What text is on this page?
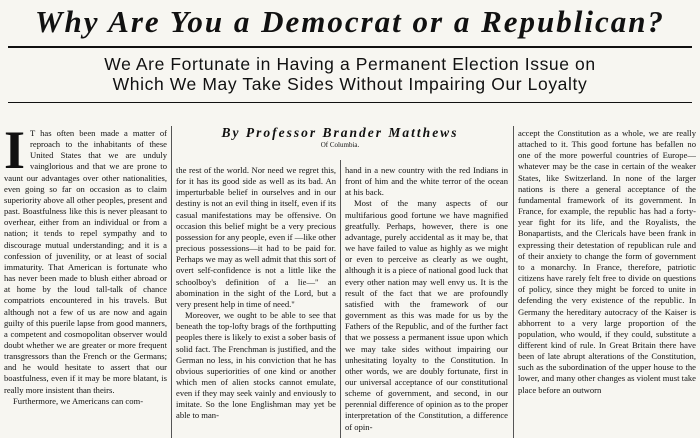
Why Are You a Democrat or a Republican?
We Are Fortunate in Having a Permanent Election Issue on
Which We May Take Sides Without Impairing Our Loyalty
By Professor Brander Matthews
Of Columbia.

I T has often been made a matter of reproach to the inhabitants of these United States that we are unduly vainglorious and that we are prone to vaunt our advantages over other nationalities, even going so far on occasion as to claim superiority above all other peoples, present and past. Boastfulness like this is never pleasant to overhear, either from an individual or from a nation; it tends to repel sympathy and to discourage mutual understanding; and it is a confession of juvenility, or at least of social immaturity. That American is fortunate who has never been made to blush either abroad or at home by the loud tall-talk of chance compatriots encountered in his travels. But although not a few of us are now and again guilty of this puerile lapse from good manners, a competent and cosmopolitan observer would doubt whether we are greater or more frequent transgressors than the French or the Germans; and he would hesitate to assert that our boastfulness, even if it may be more blatant, is really more insistent than theirs.

Furthermore, we Americans can com-

the rest of the world. Nor need we regret this, for it has its good side as well as its bad. An imperturbable belief in ourselves and in our destiny is not an evil thing in itself, even if its casual manifestations may be offensive. On occasion this belief might be a very precious possession for any people, even if —like other precious possessions—it had to be paid for. Perhaps we may as well admit that this sort of overt self-confidence is not a little like the schoolboy's definition of a lie—" an abomination in the sight of the Lord, but a very present help in time of need."

Moreover, we ought to be able to see that beneath the top-lofty brags of the forthputting peoples there is likely to exist a sober basis of solid fact. The Frenchman is justified, and the German no less, in his conviction that he has obvious superiorities of one kind or another which men of alien stocks cannot emulate, even if they may seek vainly and enviously to imitate. So the lone Englishman may yet be able to man-

hand in a new country with the red Indians in front of him and the white terror of the ocean at his back.

Most of the many aspects of our multifarious good fortune we have magnified greatfully. Perhaps, however, there is one advantage, purely accidental as it may be, that we have failed to value as highly as we might or even to perceive as clearly as we ought, although it is a piece of national good luck that every other nation may well envy us. It is the result of the fact that we are profoundly satisfied with the framework of our government as this was made for us by the Fathers of the Republic, and of the further fact that we possess a permanent issue upon which we may take sides without impairing our unhesitating loyalty to the Constitution. In other words, we are doubly fortunate, first in our universal acceptance of our constitutional scheme of government, and second, in our perennial difference of opinion as to the proper interpretation of the Constitution, a difference of opin-

accept the Constitution as a whole, we are really attached to it. This good fortune has befallen no one of the more powerful countries of Europe—whatever may be the case in certain of the weaker States, like Switzerland. In none of the larger nations is there a general acceptance of the fundamental framework of its government. In France, for example, the republic has had a forty-year fight for its life, and the Royalists, the Bonapartists, and the Clericals have been frank in expressing their detestation of republican rule and of their anxiety to change the form of government to a monarchy. In France, therefore, patriotic citizens have rarely felt free to divide on questions of policy, since they might be forced to unite in defending the very existence of the republic. In Germany the hereditary autocracy of the Kaiser is abhorrent to a very large proportion of the population, who would, if they could, substitute a different kind of rule. In Great Britain there have been of late abrupt alterations of the Constitution, such as the subordination of the upper house to the lower, and many other changes as violent must take place before an outworn
